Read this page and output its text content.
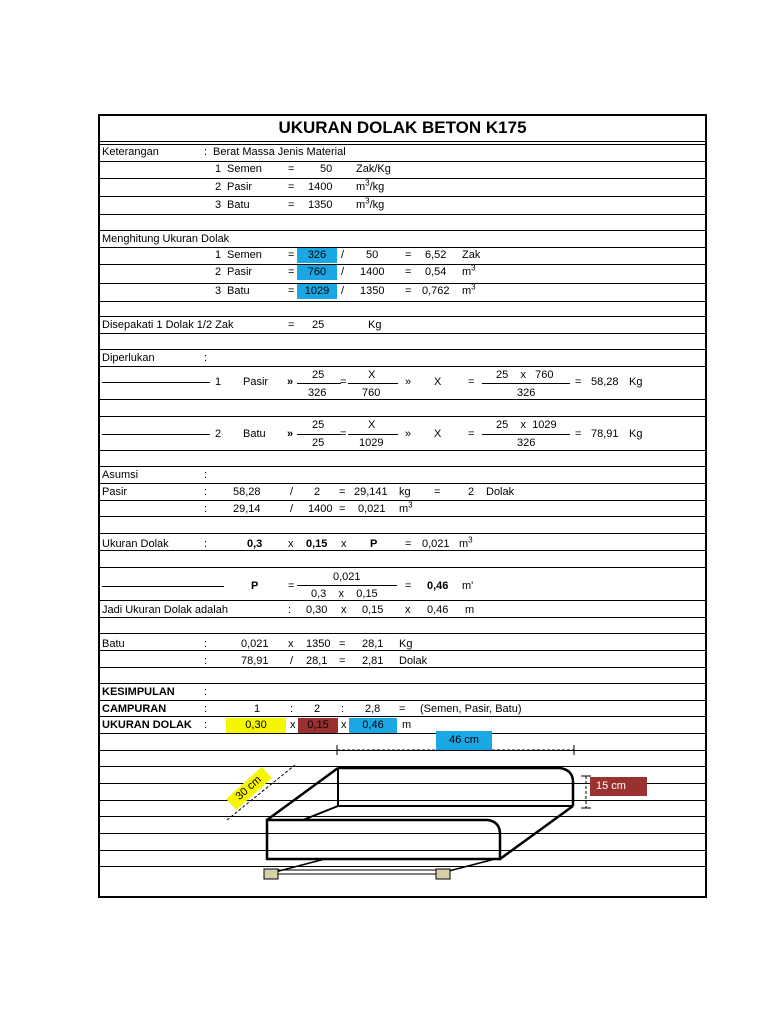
UKURAN DOLAK BETON K175
Keterangan	: Berat Massa Jenis Material
1 Semen = 50 Zak/Kg
2 Pasir	= 1400 $m^3/kg$
3 Batu	= 1350 $m^3/kg$
Menghitung Ukuran Dolak
1 Semen =	326	/ 50 = 6,52 Zak
2 Pasir	=	760	/ 1400 = 0,54 $m^3$
3 Batu	= 1029	/ 1350 = 0,762 $m^3$
Disepakati 1 Dolak 1/2 Zak	= 25	Kg
Diperlukan	:
1 Pasir »
25
326
=
X
760
» X =
25 x 760
326
= 58,28 Kg
2 Batu »
25
25
=
X
1029
» X =
25 x 1029
326
= 78,91 Kg
Asumsi	:
Pasir	: 58,28	/ 2 = 29,141 kg =	2 Dolak
: 29,14	/ 1400 = 0,021 $m^3$
Ukuran Dolak	:	0,3 x 0,15 x P	= 0,021 $m^3$
P	=
0,021
0,3 x 0,15
= 0,46 m'
Jadi Ukuran Dolak adalah	: 0,30 x 0,15 x 0,46 m
Batu	:	0,021 x 1350 = 28,1 Kg
:	78,91 / 28,1 = 2,81 Dolak
KESIMPULAN	:
CAMPURAN	:	1	: 2 : 2,8 = (Semen, Pasir, Batu)
UKURAN DOLAK :	0,30	x	0,15	x	0,46	m
46 cm
15 cm
30 cm
